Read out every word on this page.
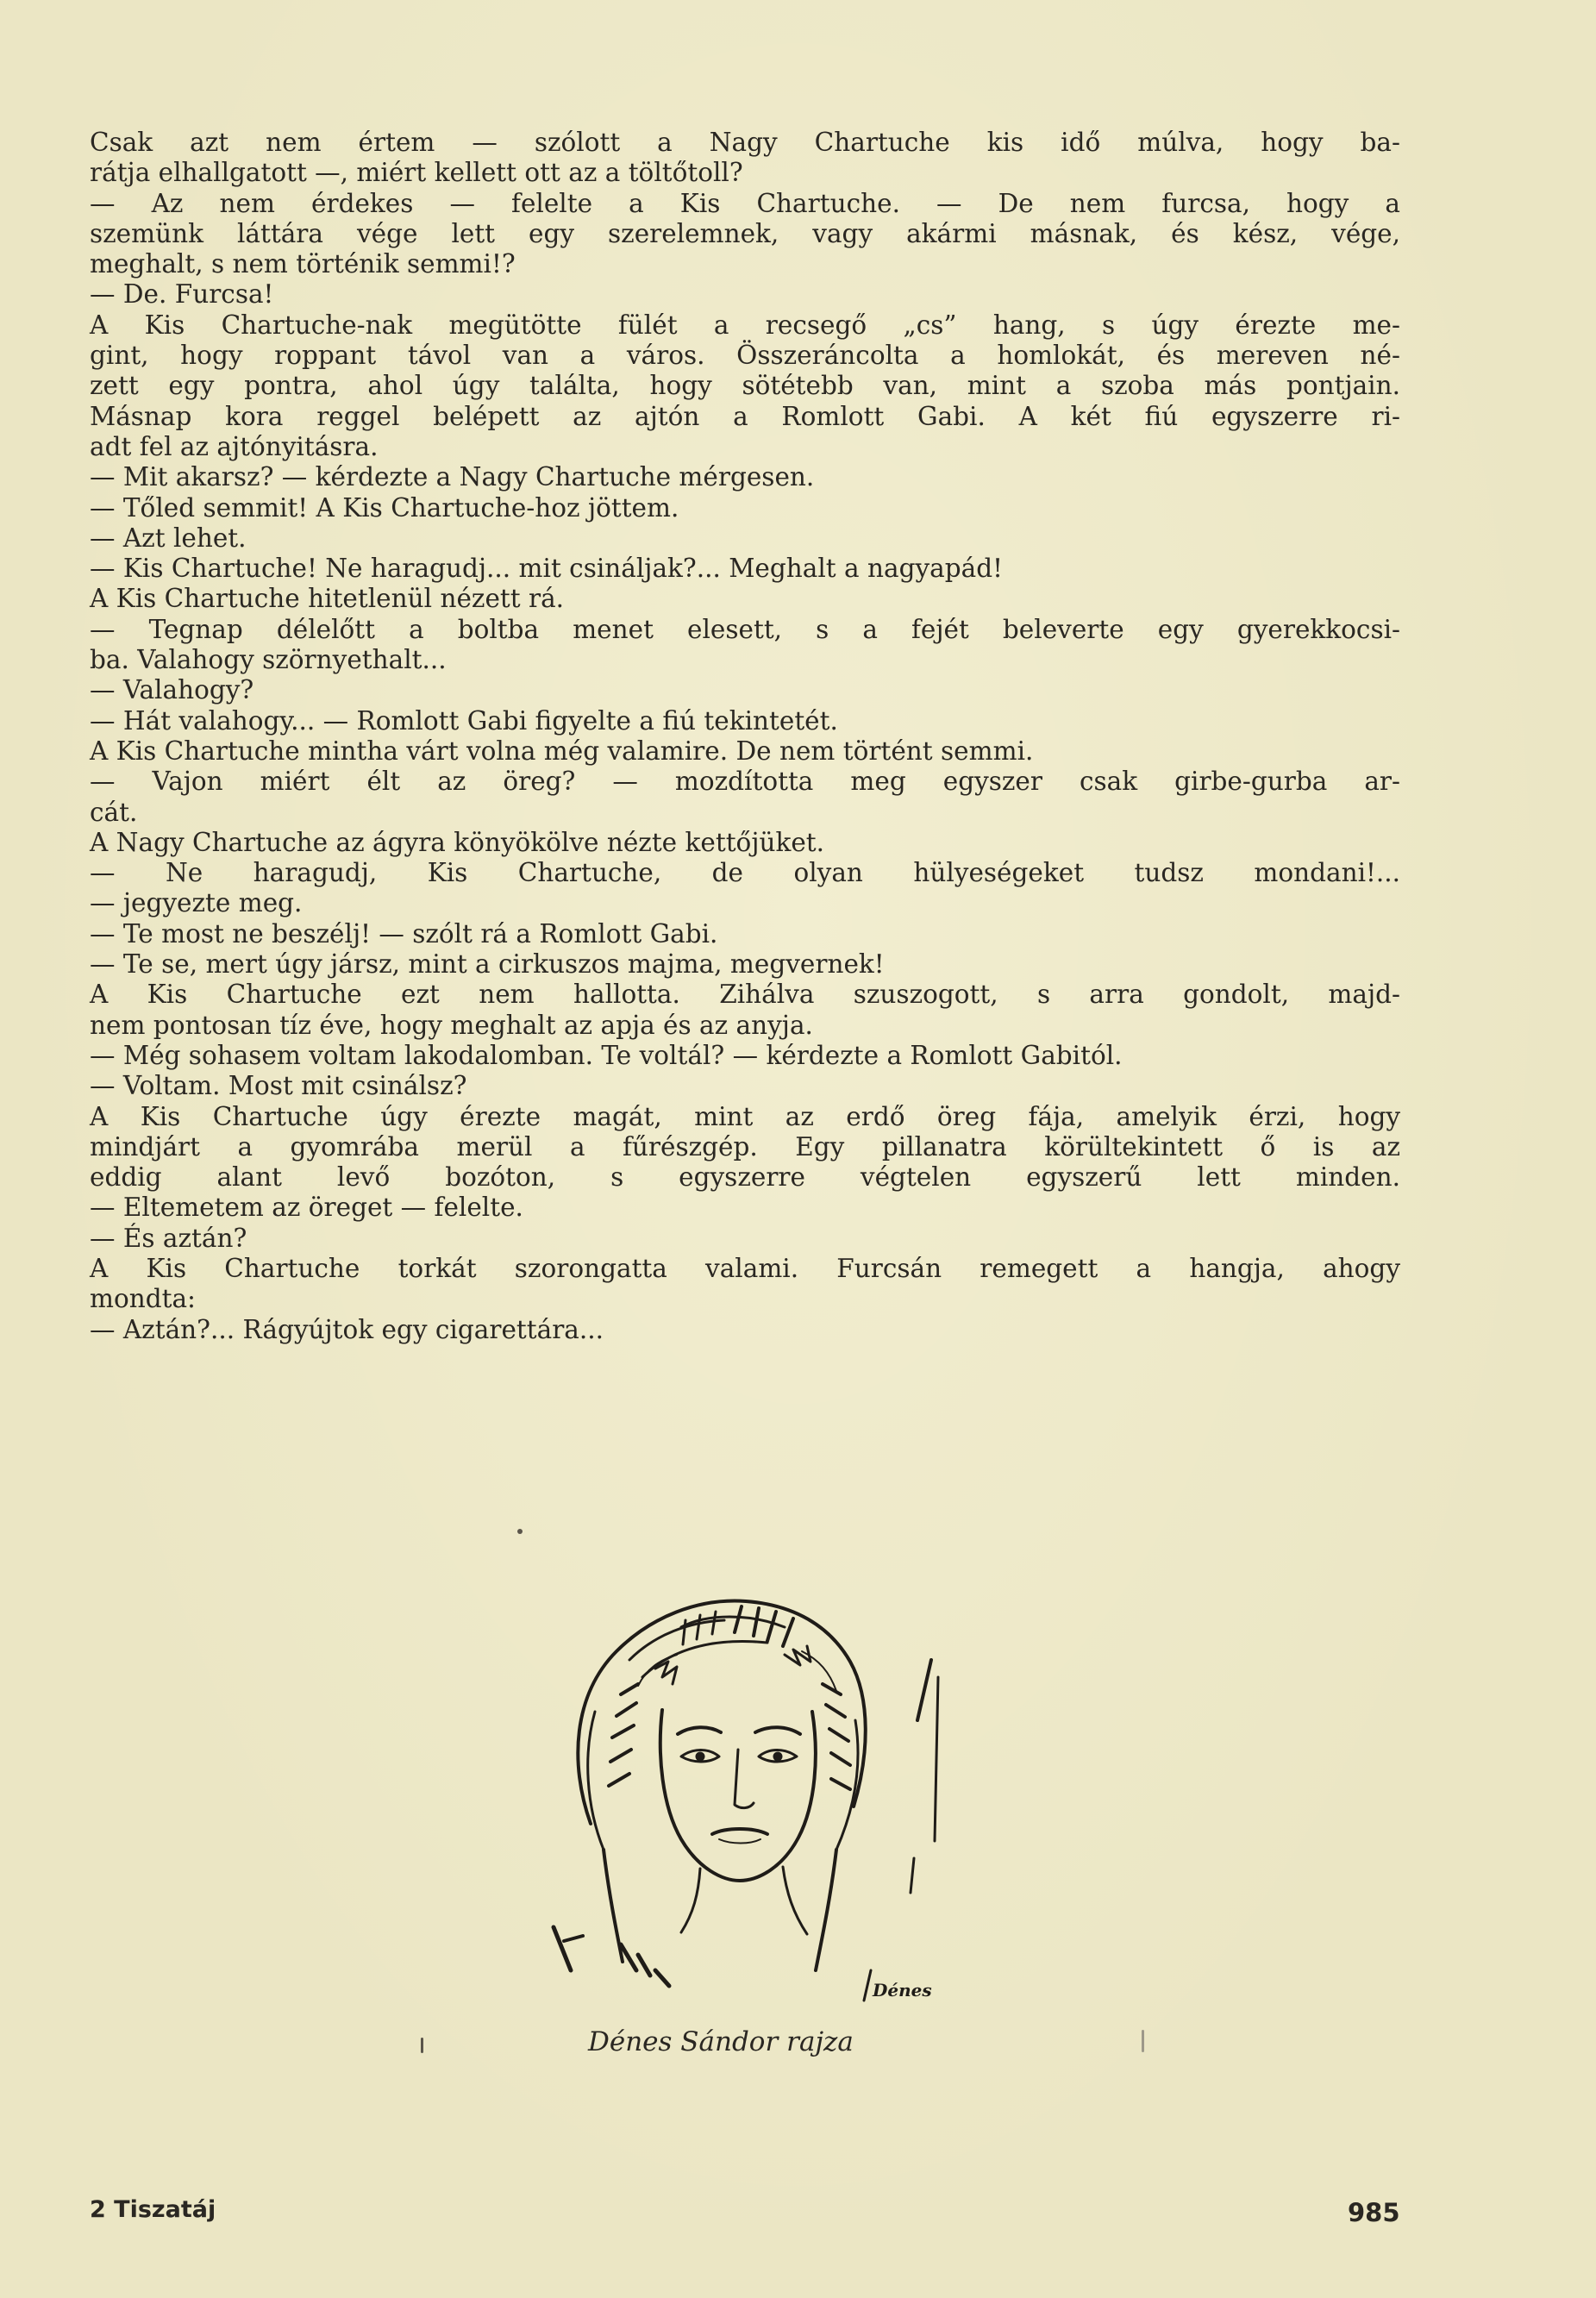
Csak azt nem értem — szólott a Nagy Chartuche kis idő múlva, hogy ba-
rátja elhallgatott —, miért kellett ott az a töltőtoll?
— Az nem érdekes — felelte a Kis Chartuche. — De nem furcsa, hogy a
szemünk láttára vége lett egy szerelemnek, vagy akármi másnak, és kész, vége,
meghalt, s nem történik semmi!?
— De. Furcsa!
A Kis Chartuche-nak megütötte fülét a recsegő „cs” hang, s úgy érezte me-
gint, hogy roppant távol van a város. Összeráncolta a homlokát, és mereven né-
zett egy pontra, ahol úgy találta, hogy sötétebb van, mint a szoba más pontjain.
Másnap kora reggel belépett az ajtón a Romlott Gabi. A két fiú egyszerre ri-
adt fel az ajtónyitásra.
— Mit akarsz? — kérdezte a Nagy Chartuche mérgesen.
— Tőled semmit! A Kis Chartuche-hoz jöttem.
— Azt lehet.
— Kis Chartuche! Ne haragudj... mit csináljak?... Meghalt a nagyapád!
A Kis Chartuche hitetlenül nézett rá.
— Tegnap délelőtt a boltba menet elesett, s a fejét beleverte egy gyerekkocsi-
ba. Valahogy szörnyethalt...
— Valahogy?
— Hát valahogy... — Romlott Gabi figyelte a fiú tekintetét.
A Kis Chartuche mintha várt volna még valamire. De nem történt semmi.
— Vajon miért élt az öreg? — mozdította meg egyszer csak girbe-gurba ar-
cát.
A Nagy Chartuche az ágyra könyökölve nézte kettőjüket.
— Ne haragudj, Kis Chartuche, de olyan hülyeségeket tudsz mondani!...
— jegyezte meg.
— Te most ne beszélj! — szólt rá a Romlott Gabi.
— Te se, mert úgy jársz, mint a cirkuszos majma, megvernek!
A Kis Chartuche ezt nem hallotta. Zihálva szuszogott, s arra gondolt, majd-
nem pontosan tíz éve, hogy meghalt az apja és az anyja.
— Még sohasem voltam lakodalomban. Te voltál? — kérdezte a Romlott Gabitól.
— Voltam. Most mit csinálsz?
A Kis Chartuche úgy érezte magát, mint az erdő öreg fája, amelyik érzi, hogy
mindjárt a gyomrába merül a fűrészgép. Egy pillanatra körültekintett ő is az
eddig alant levő bozóton, s egyszerre végtelen egyszerű lett minden.
— Eltemetem az öreget — felelte.
— És aztán?
A Kis Chartuche torkát szorongatta valami. Furcsán remegett a hangja, ahogy
mondta:
— Aztán?... Rágyújtok egy cigarettára...
Dénes
Dénes Sándor rajza
2 Tiszatáj	985
